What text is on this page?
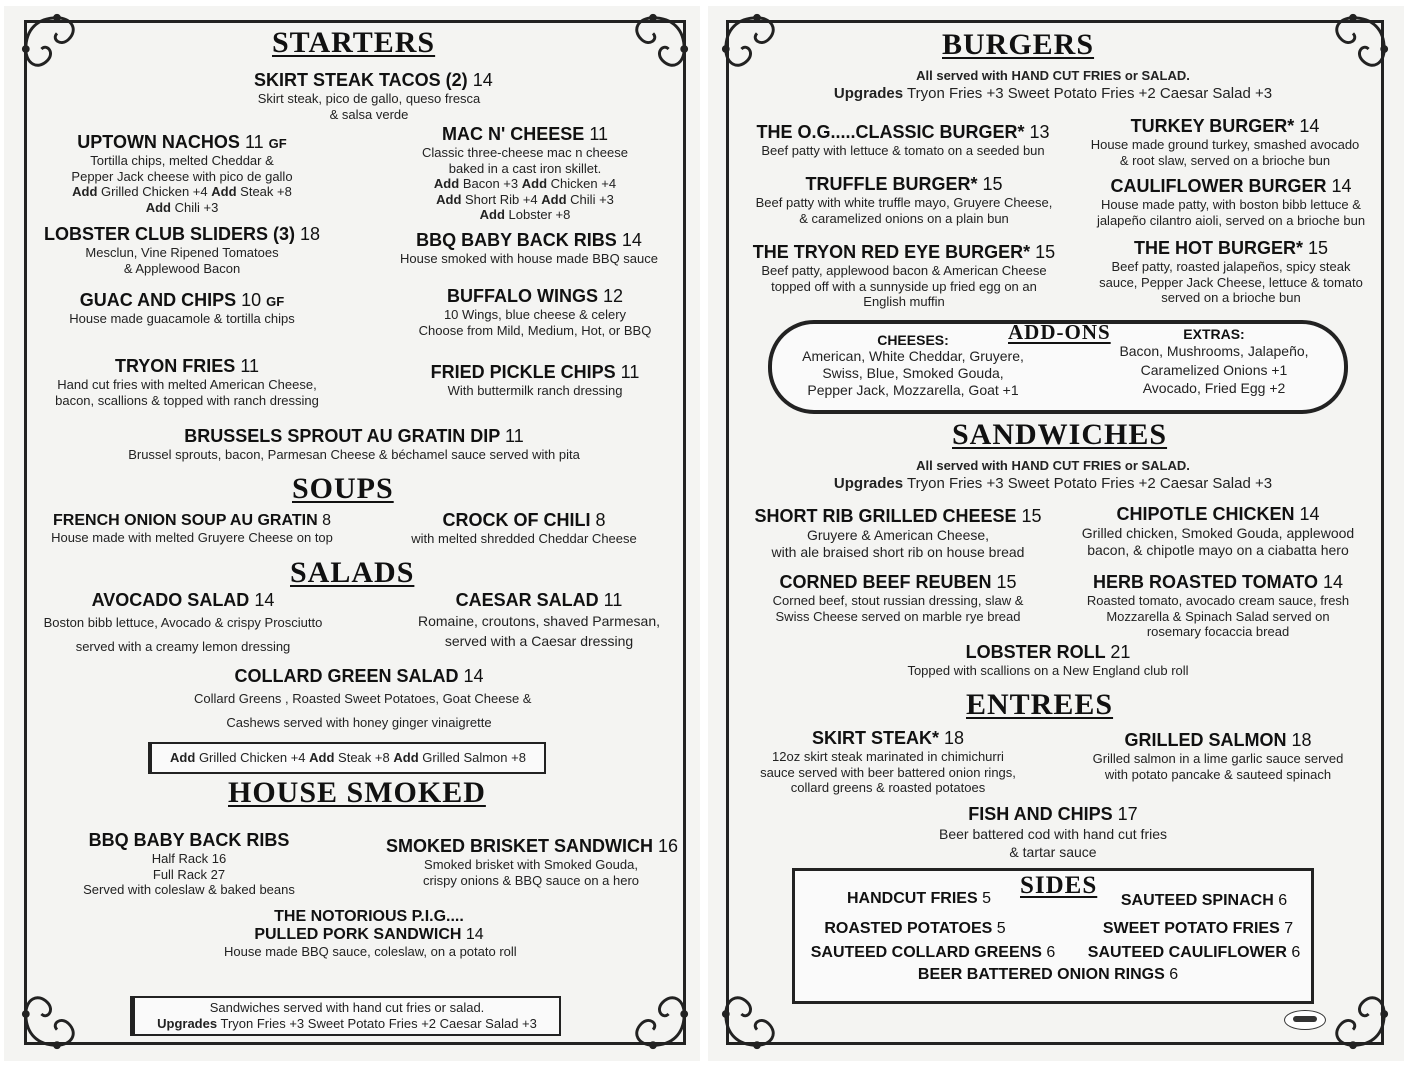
STARTERS
SKIRT STEAK TACOS (2) 14
Skirt steak, pico de gallo, queso fresca
& salsa verde
UPTOWN NACHOS 11 GF
Tortilla chips, melted Cheddar &
Pepper Jack cheese with pico de gallo
Add Grilled Chicken +4 Add Steak +8
Add Chili +3
MAC N' CHEESE 11
Classic three-cheese mac n cheese
baked in a cast iron skillet.
Add Bacon +3 Add Chicken +4
Add Short Rib +4 Add Chili +3
Add Lobster +8
LOBSTER CLUB SLIDERS (3) 18
Mesclun, Vine Ripened Tomatoes
& Applewood Bacon
BBQ BABY BACK RIBS 14
House smoked with house made BBQ sauce
GUAC AND CHIPS 10 GF
House made guacamole & tortilla chips
BUFFALO WINGS 12
10 Wings, blue cheese & celery
Choose from Mild, Medium, Hot, or BBQ
TRYON FRIES 11
Hand cut fries with melted American Cheese,
bacon, scallions & topped with ranch dressing
FRIED PICKLE CHIPS 11
With buttermilk ranch dressing
BRUSSELS SPROUT AU GRATIN DIP 11
Brussel sprouts, bacon, Parmesan Cheese & béchamel sauce served with pita
SOUPS
FRENCH ONION SOUP AU GRATIN 8
House made with melted Gruyere Cheese on top
CROCK OF CHILI 8
with melted shredded Cheddar Cheese
SALADS
AVOCADO SALAD 14
Boston bibb lettuce, Avocado & crispy Prosciutto
served with a creamy lemon dressing
CAESAR SALAD 11
Romaine, croutons, shaved Parmesan,
served with a Caesar dressing
COLLARD GREEN SALAD 14
Collard Greens , Roasted Sweet Potatoes, Goat Cheese &
Cashews served with honey ginger vinaigrette
Add Grilled Chicken +4 Add Steak +8 Add Grilled Salmon +8
HOUSE SMOKED
BBQ BABY BACK RIBS
Half Rack 16
Full Rack 27
Served with coleslaw & baked beans
SMOKED BRISKET SANDWICH 16
Smoked brisket with Smoked Gouda,
crispy onions & BBQ sauce on a hero
THE NOTORIOUS P.I.G....
PULLED PORK SANDWICH 14
House made BBQ sauce, coleslaw, on a potato roll
Sandwiches served with hand cut fries or salad.
Upgrades Tryon Fries +3 Sweet Potato Fries +2 Caesar Salad +3
BURGERS
All served with HAND CUT FRIES or SALAD.
Upgrades Tryon Fries +3 Sweet Potato Fries +2 Caesar Salad +3
THE O.G.....CLASSIC BURGER* 13
Beef patty with lettuce & tomato on a seeded bun
TURKEY BURGER* 14
House made ground turkey, smashed avocado
& root slaw, served on a brioche bun
TRUFFLE BURGER* 15
Beef patty with white truffle mayo, Gruyere Cheese,
& caramelized onions on a plain bun
CAULIFLOWER BURGER 14
House made patty, with boston bibb lettuce &
jalapeño cilantro aioli, served on a brioche bun
THE TRYON RED EYE BURGER* 15
Beef patty, applewood bacon & American Cheese
topped off with a sunnyside up fried egg on an
English muffin
THE HOT BURGER* 15
Beef patty, roasted jalapeños, spicy steak
sauce, Pepper Jack Cheese, lettuce & tomato
served on a brioche bun
ADD-ONS
CHEESES:
American, White Cheddar, Gruyere,
Swiss, Blue, Smoked Gouda,
Pepper Jack, Mozzarella, Goat +1
EXTRAS:
Bacon, Mushrooms, Jalapeño,
Caramelized Onions +1
Avocado, Fried Egg +2
SANDWICHES
All served with HAND CUT FRIES or SALAD.
Upgrades Tryon Fries +3 Sweet Potato Fries +2 Caesar Salad +3
SHORT RIB GRILLED CHEESE 15
Gruyere & American Cheese,
with ale braised short rib on house bread
CHIPOTLE CHICKEN 14
Grilled chicken, Smoked Gouda, applewood
bacon, & chipotle mayo on a ciabatta hero
CORNED BEEF REUBEN 15
Corned beef, stout russian dressing, slaw &
Swiss Cheese served on marble rye bread
HERB ROASTED TOMATO 14
Roasted tomato, avocado cream sauce, fresh
Mozzarella & Spinach Salad served on
rosemary focaccia bread
LOBSTER ROLL 21
Topped with scallions on a New England club roll
ENTREES
SKIRT STEAK* 18
12oz skirt steak marinated in chimichurri
sauce served with beer battered onion rings,
collard greens & roasted potatoes
GRILLED SALMON 18
Grilled salmon in a lime garlic sauce served
with potato pancake & sauteed spinach
FISH AND CHIPS 17
Beer battered cod with hand cut fries
& tartar sauce
SIDES
HANDCUT FRIES 5	SAUTEED SPINACH 6
ROASTED POTATOES 5	SWEET POTATO FRIES 7
SAUTEED COLLARD GREENS 6	SAUTEED CAULIFLOWER 6
BEER BATTERED ONION RINGS 6
